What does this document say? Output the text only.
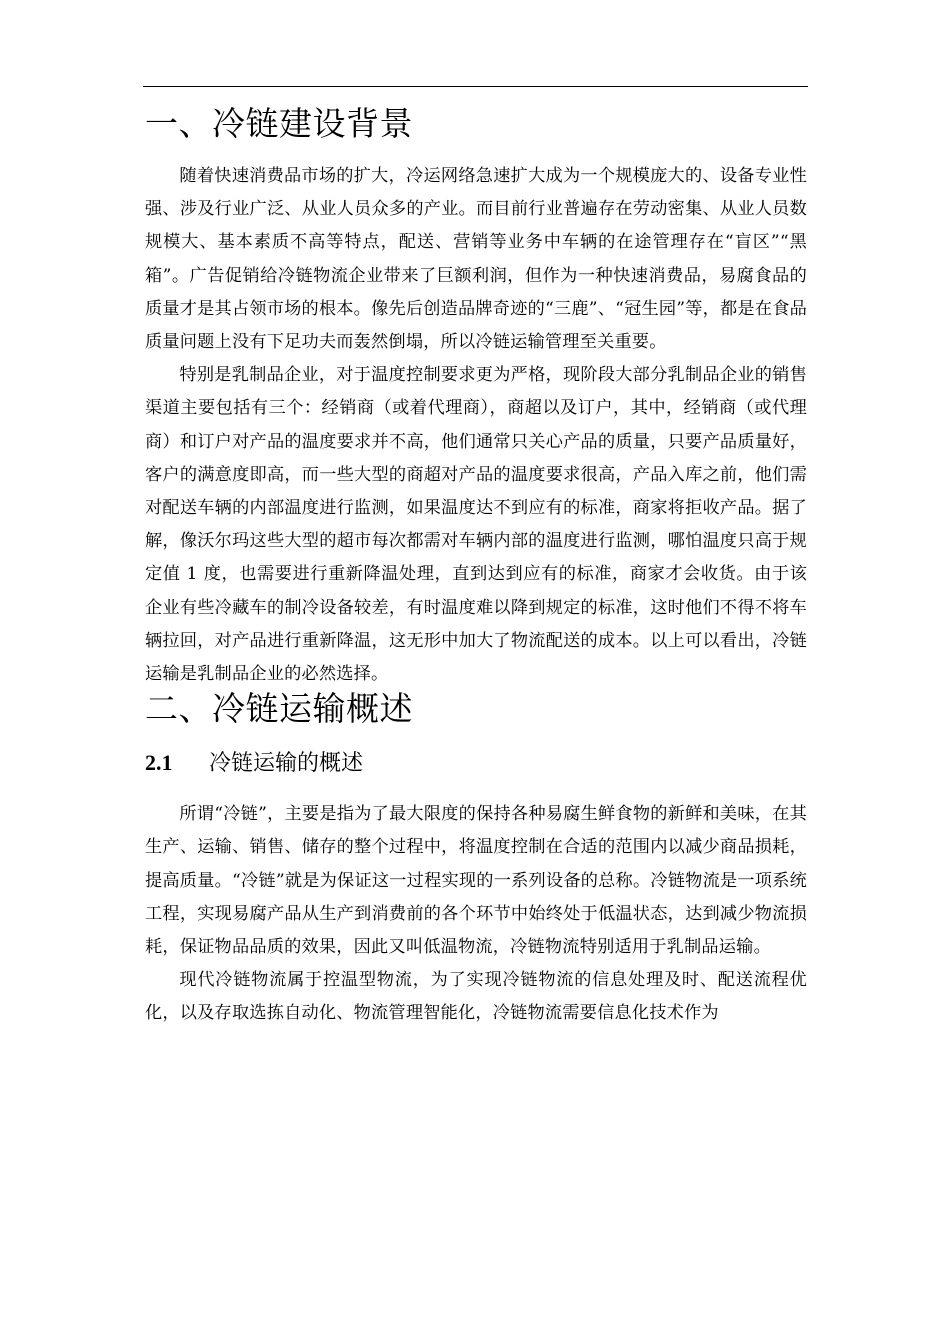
一、冷链建设背景

随着快速消费品市场的扩大，冷运网络急速扩大成为一个规模庞大的、设备专业性强、涉及行业广泛、从业人员众多的产业。而目前行业普遍存在劳动密集、从业人员数规模大、基本素质不高等特点，配送、营销等业务中车辆的在途管理存在“盲区”“黑箱”。广告促销给冷链物流企业带来了巨额利润，但作为一种快速消费品，易腐食品的质量才是其占领市场的根本。像先后创造品牌奇迹的“三鹿”、“冠生园”等，都是在食品质量问题上没有下足功夫而轰然倒塌，所以冷链运输管理至关重要。

特别是乳制品企业，对于温度控制要求更为严格，现阶段大部分乳制品企业的销售渠道主要包括有三个：经销商（或着代理商），商超以及订户，其中，经销商（或代理商）和订户对产品的温度要求并不高，他们通常只关心产品的质量，只要产品质量好，客户的满意度即高，而一些大型的商超对产品的温度要求很高，产品入库之前，他们需对配送车辆的内部温度进行监测，如果温度达不到应有的标准，商家将拒收产品。据了解，像沃尔玛这些大型的超市每次都需对车辆内部的温度进行监测，哪怕温度只高于规定值 1 度，也需要进行重新降温处理，直到达到应有的标准，商家才会收货。由于该企业有些冷藏车的制冷设备较差，有时温度难以降到规定的标准，这时他们不得不将车辆拉回，对产品进行重新降温，这无形中加大了物流配送的成本。以上可以看出，冷链运输是乳制品企业的必然选择。

二、冷链运输概述
2.1 冷链运输的概述

所谓“冷链”，主要是指为了最大限度的保持各种易腐生鲜食物的新鲜和美味，在其生产、运输、销售、储存的整个过程中，将温度控制在合适的范围内以减少商品损耗，提高质量。“冷链”就是为保证这一过程实现的一系列设备的总称。冷链物流是一项系统工程，实现易腐产品从生产到消费前的各个环节中始终处于低温状态，达到减少物流损耗，保证物品品质的效果，因此又叫低温物流，冷链物流特别适用于乳制品运输。

现代冷链物流属于控温型物流，为了实现冷链物流的信息处理及时、配送流程优化，以及存取选拣自动化、物流管理智能化，冷链物流需要信息化技术作为
